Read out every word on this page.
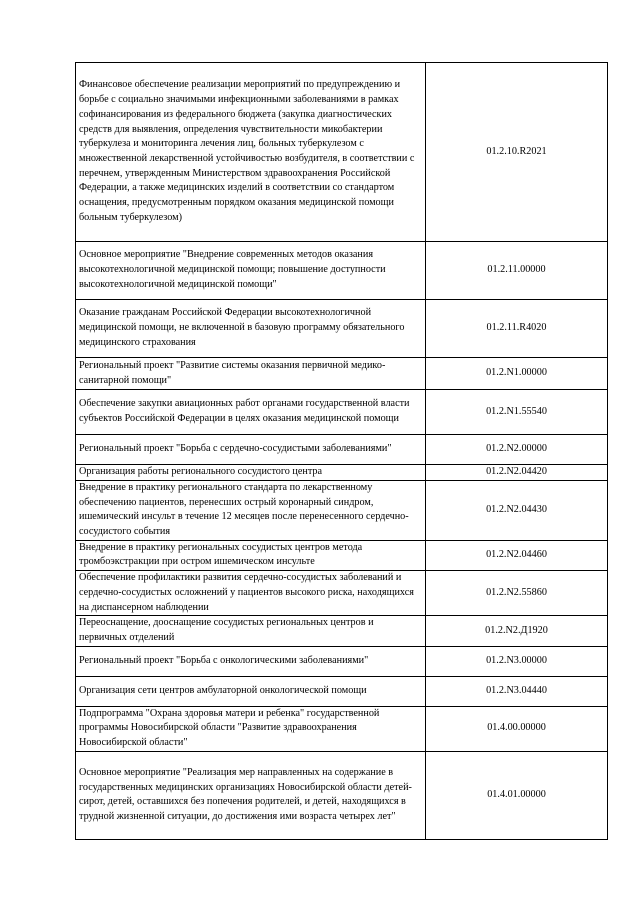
Финансовое обеспечение реализации мероприятий по предупреждению и борьбе с социально значимыми инфекционными заболеваниями в рамках софинансирования из федерального бюджета (закупка диагностических средств для выявления, определения чувствительности микобактерии туберкулеза и мониторинга лечения лиц, больных туберкулезом с множественной лекарственной устойчивостью возбудителя, в соответствии с перечнем, утвержденным Министерством здравоохранения Российской Федерации, а также медицинских изделий в соответствии со стандартом оснащения, предусмотренным порядком оказания медицинской помощи больным туберкулезом)	01.2.10.R2021
Основное мероприятие "Внедрение современных методов оказания высокотехнологичной медицинской помощи; повышение доступности высокотехнологичной медицинской помощи"	01.2.11.00000
Оказание гражданам Российской Федерации высокотехнологичной медицинской помощи, не включенной в базовую программу обязательного медицинского страхования	01.2.11.R4020
Региональный проект "Развитие системы оказания первичной медико-санитарной помощи"	01.2.N1.00000
Обеспечение закупки авиационных работ органами государственной власти субъектов Российской Федерации в целях оказания медицинской помощи	01.2.N1.55540
Региональный проект "Борьба с сердечно-сосудистыми заболеваниями"	01.2.N2.00000
Организация работы регионального сосудистого центра	01.2.N2.04420
Внедрение в практику регионального стандарта по лекарственному обеспечению пациентов, перенесших острый коронарный синдром, ишемический инсульт в течение 12 месяцев после перенесенного сердечно-сосудистого события	01.2.N2.04430
Внедрение в практику региональных сосудистых центров метода тромбоэкстракции при остром ишемическом инсульте	01.2.N2.04460
Обеспечение профилактики развития сердечно-сосудистых заболеваний и сердечно-сосудистых осложнений у пациентов высокого риска, находящихся на диспансерном наблюдении	01.2.N2.55860
Переоснащение, дооснащение сосудистых региональных центров и первичных отделений	01.2.N2.Д1920
Региональный проект "Борьба с онкологическими заболеваниями"	01.2.N3.00000
Организация сети центров амбулаторной онкологической помощи	01.2.N3.04440
Подпрограмма "Охрана здоровья матери и ребенка" государственной программы Новосибирской области "Развитие здравоохранения Новосибирской области"	01.4.00.00000
Основное мероприятие "Реализация мер направленных на содержание в государственных медицинских организациях Новосибирской области детей-сирот, детей, оставшихся без попечения родителей, и детей, находящихся в трудной жизненной ситуации, до достижения ими возраста четырех лет"	01.4.01.00000
